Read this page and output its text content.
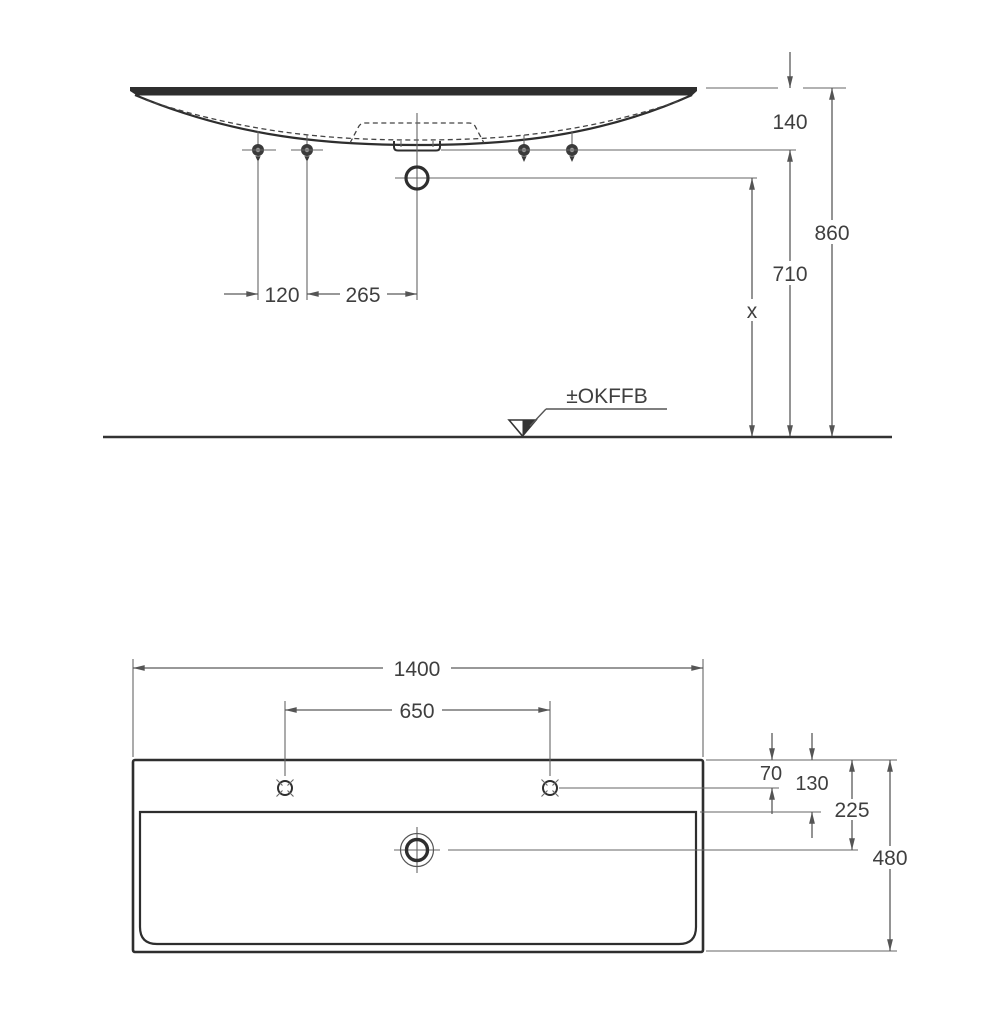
140
710
x
860
120 265
±OKFFB
1400
650
70 130
225
480
